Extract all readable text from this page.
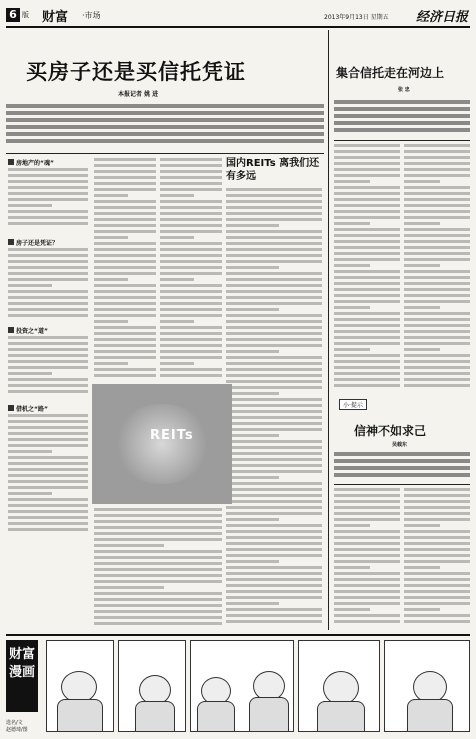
6 版 财富 ·市场	2013年9月13日 星期五 经济日报
买房子还是买信托凭证
本报记者 姚 进
房地产的“魂”
房子还是凭证？
投资之“道”
借机之“路”
国内REITs 离我们还有多远
REITs
集合信托走在河边上
张 忠
小·提示
信神不如求己
吴载东
财富
漫画
选名/文
赵德琦/图
